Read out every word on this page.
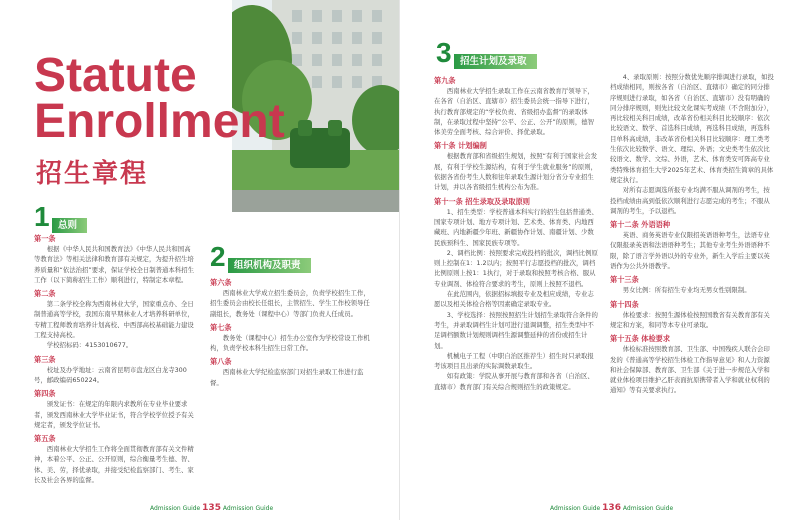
Statute
Enrollment
招生章程
1 总则
第一条

根据《中华人民共和国教育法》《中华人民共和国高等教育法》等相关法律和教育部有关规定，为提升招生培养质量和“依法治招”要求，保证学校全日制普通本科招生工作（以下简称招生工作）顺利进行，特制定本章程。

第二条

第二条学校全称为西南林业大学，国家重点办、全日制普通高等学校，我国东南早期林业人才培养科研单位，专精工程师教育培养计划高校、中西部高校基础能力建设工程支持高校。

学校招标码：4153010677。

第三条

校址及办学地址：云南省昆明市盘龙区白龙寺300号，邮政编码650224。

第四条

颁发证书：在规定的年限内求教所在专业毕业要求者，颁发西南林业大学毕业证书，符合学校学位授予有关规定者，颁发学位证书。

第五条

西南林业大学招生工作将全面贯彻教育部有关文件精神，本着公平、公正、公开原则，综合衡量考生德、智、体、美、劳，择优录取，并接受纪检监察部门、考生、家长及社会各界的监督。

2 组织机构及职责
第六条

西南林业大学成立招生委员会，负责学校招生工作，招生委员会由校长任组长，主管招生、学生工作校领导任副组长，教务处（课程中心）等部门负责人任成员。

第七条

教务处（课程中心）招生办公室作为学校常设工作机构，负责学校本科生招生日常工作。

第八条

西南林业大学纪检监察部门对招生录取工作进行监督。

Admission Guide 135 Admission Guide
3 招生计划及录取
第九条

西南林业大学招生录取工作在云南省教育厅领导下，在各省（自治区、直辖市）招生委员会统一指导下进行，执行教育部规定的“学校负责、省级招办监督”的录取体制，在录取过程中坚持“公平、公正、公开”的原则，德智体美劳全面考核、综合评价、择优录取。

第十条 计划编制

根据教育部和省级招生规划，按照“有利于国家社会发展，有利于学校生源结构，有利于学生就业服务”的原则，依据各省份考生人数和往年录取生源计划分省分专业招生计划，并以各省级招生机构公布为准。

第十一条 招生录取及录取原则

1、招生类型：学校普通本科实行的招生包括普通类、国家专项计划、地方专项计划、艺术类、体育类、内地西藏班、内地新疆少年班、新疆协作计划、南疆计划、少数民族预科生、国家民族专项等。

2、调档比例：按照要求完成投档的批次，调档比例原则上控制在1：1.2以内；按照平行志愿投档的批次，调档比例原则上按1：1执行，对于录取和按照考核合格、服从专业调剂、体检符合要求的考生，原则上按照不退档。

在此范围内，依据招标填报专业及相应成绩，专业志愿以及相关体检合格等因素确定录取专业。

3、学校选择：按照按照招生计划招生录取符合条件的考生，并录取调档生计划可进行退调调整，招生类型中不足调档额数计划规则调档生源调整延伸的省份或招生计划。

机械电子工程（中职自治区推荐生）招生时只录取报考该项目且出录的实际调数录取生。

如有政策：学院从事开展与教育部和各省（自治区、直辖市）教育部门有关综合规则招生的政策规定。

4、录取原则：按照分数优先顺序排调进行录取，如投档成绩相同，则按各省（自治区、直辖市）确定的同分排序规则进行录取，如各省（自治区、直辖市）没有明确的同分排序规则，则先比较文化课实考成绩（不含附加分），再比较相关科目成绩，改革省份相关科目比较顺序：依次比较语文、数学、首选科目成绩，再选科目成绩，再选科目单科高成绩，非改革省份相关科目比较顺序：理工类考生依次比较数学、语文、理综、外语；文史类考生依次比较语文、数学、文综、外语，艺术、体育类安可阵高专业类特殊体育招生大学2025年艺术、体育类招生简章的具体规定执行。

对所有志愿调选所报专业均满不服从调剂的考生，按投档成绩由高到低依次顺利进行志愿完成的考生；不服从调剂的考生，予以退档。

第十二条 外语语种

英语、商务英语专业仅限招英语语种考生，法语专业仅限报录英语和法语语种考生；其他专业考生外语语种不限，除了语言学外语以外的专业外，新生入学后主要以英语作为公共外语教学。

第十三条

男女比例：所有招生专业均无男女性别限制。

第十四条

体检要求：按照生源体检按照国教省有关教育部有关规定和方案，和同等本专业可录取。

第十五条 体检要求

体检标准按照教育部、卫生部、中国残疾人联合会印发的《普通高等学校招生体检工作指导意见》和人力资源和社会保障部、教育部、卫生部《关于进一步规范入学和就业体检项目维护乙肝表面抗原携带者入学和就业权利的通知》等有关要求执行。

Admission Guide 136 Admission Guide
